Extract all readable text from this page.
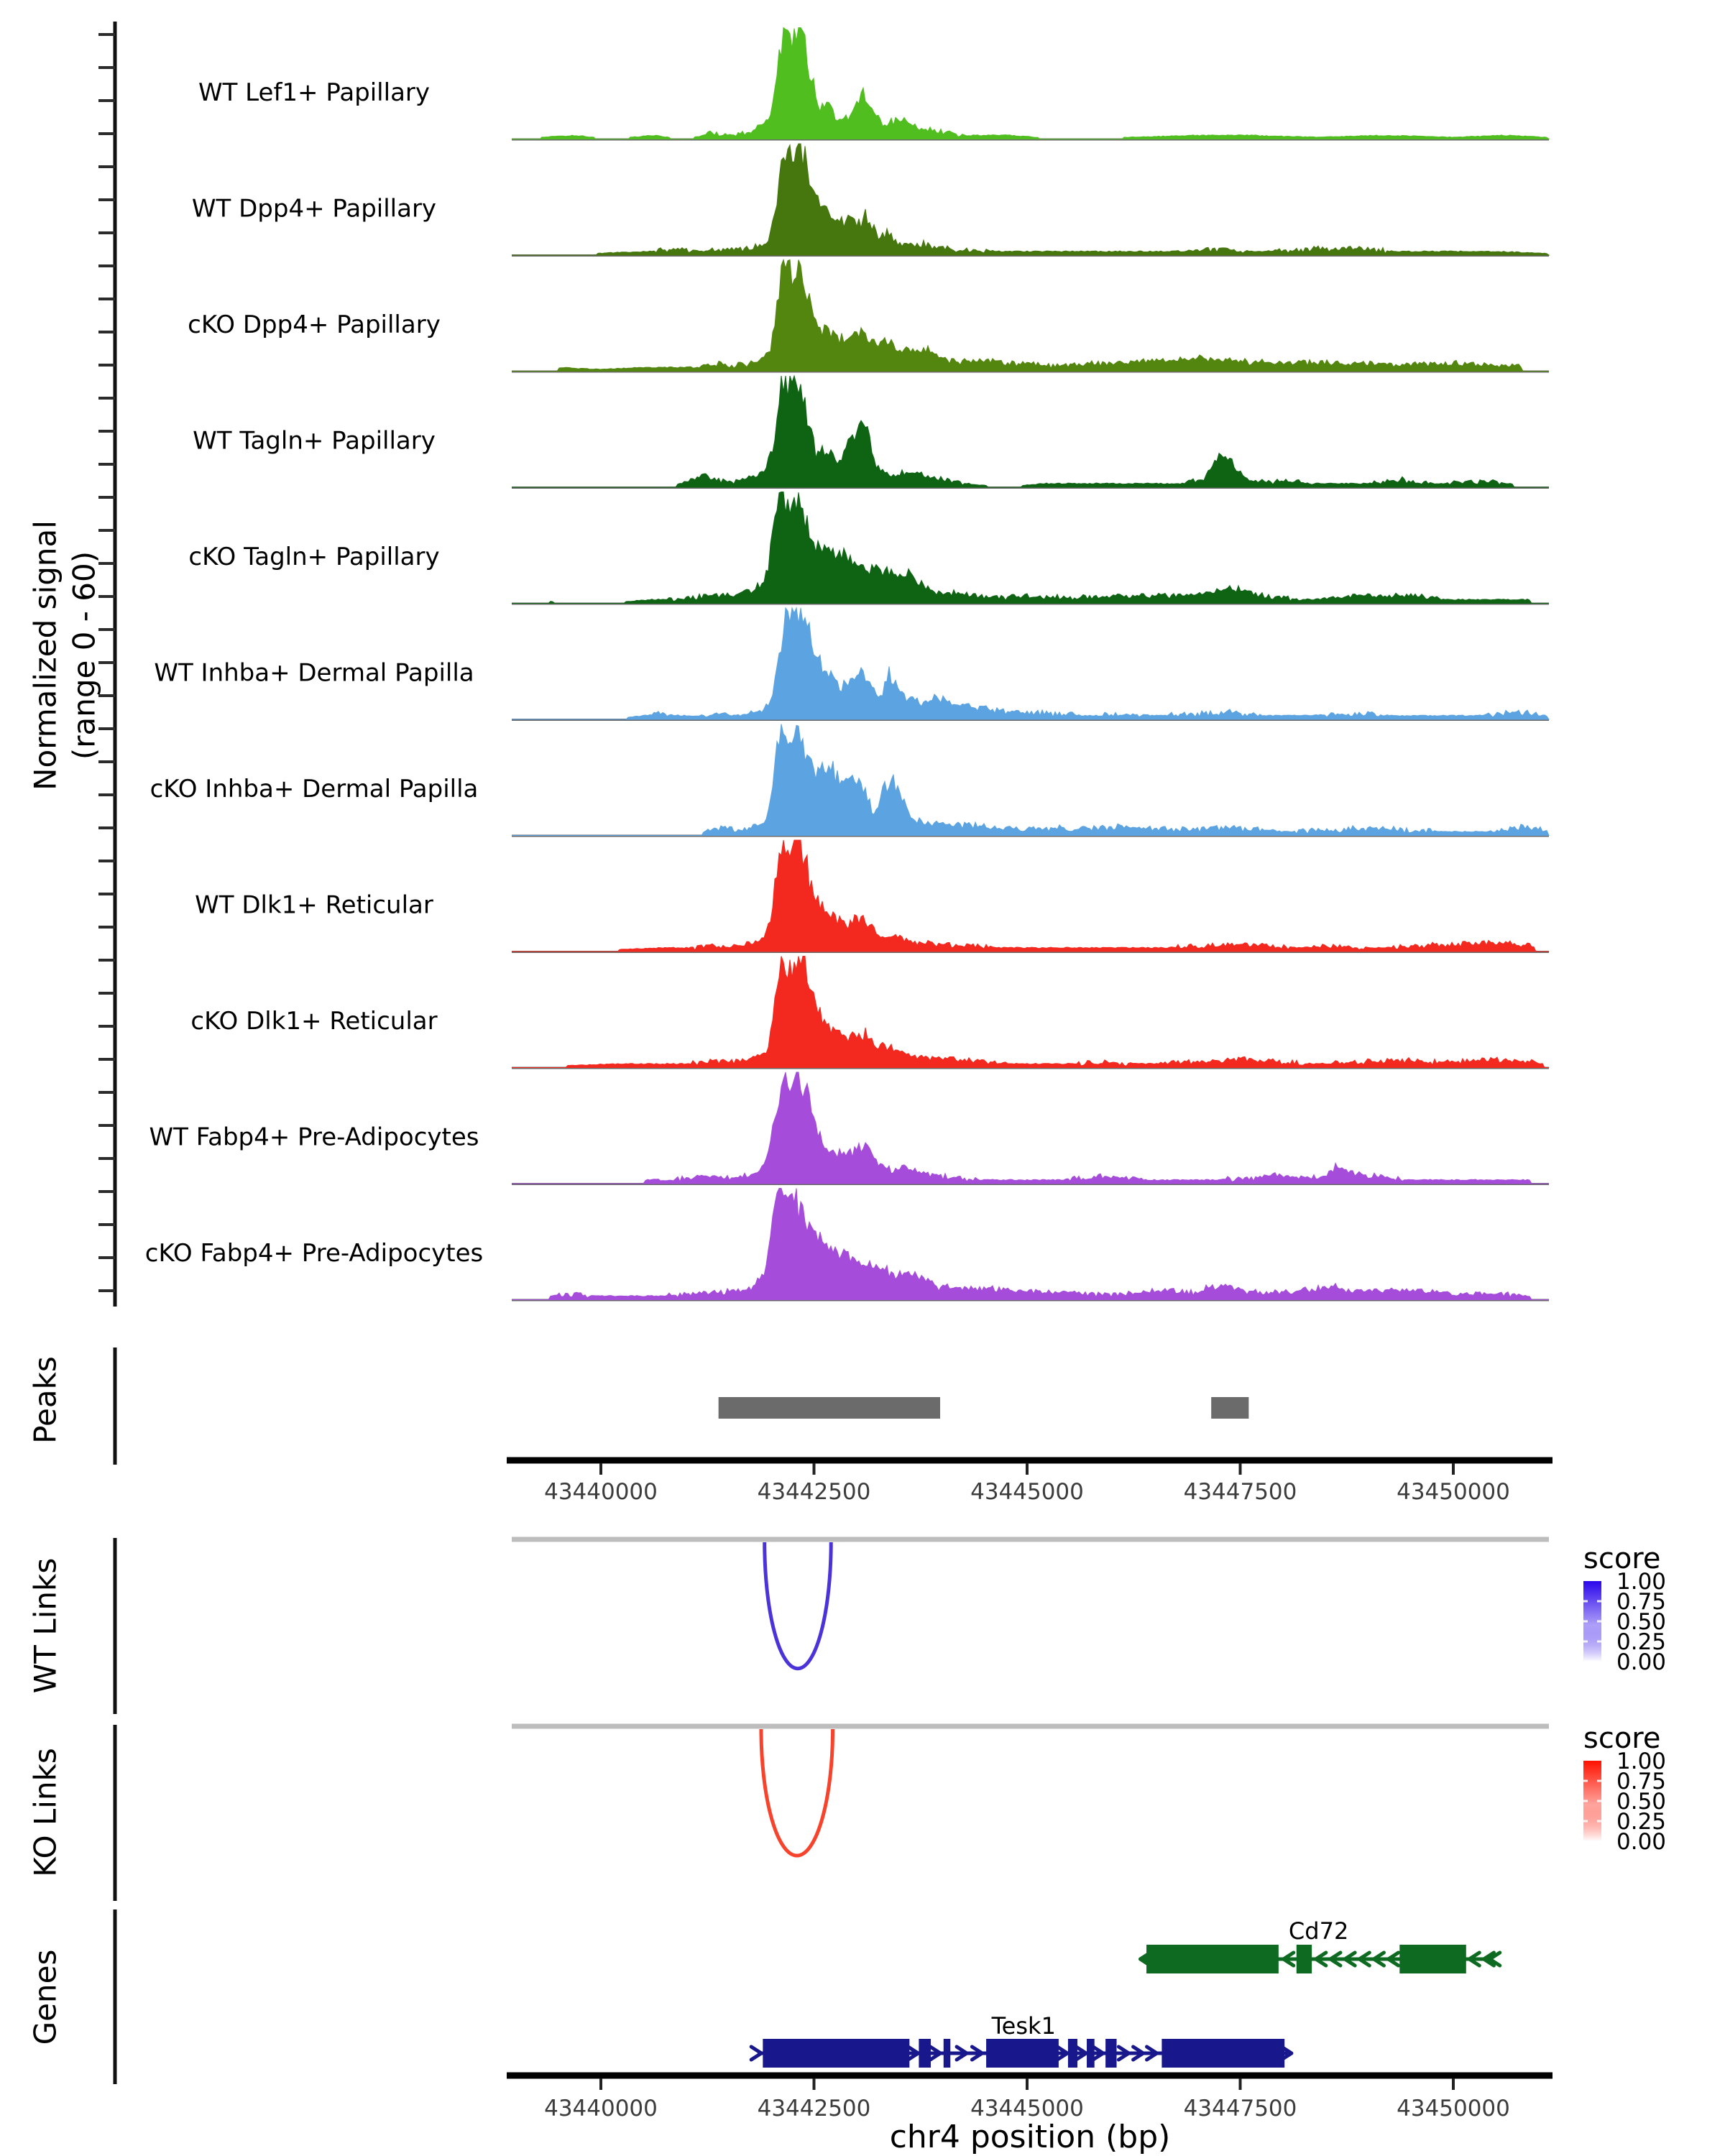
Normalized signal (range 0 - 60)
Peaks
WT Links
KO Links
Genes
WT Lef1+ Papillary
WT Dpp4+ Papillary
cKO Dpp4+ Papillary
WT Tagln+ Papillary
cKO Tagln+ Papillary
WT Inhba+ Dermal Papilla
cKO Inhba+ Dermal Papilla
WT Dlk1+ Reticular
cKO Dlk1+ Reticular
WT Fabp4+ Pre-Adipocytes
cKO Fabp4+ Pre-Adipocytes
43440000	43442500	43445000	43447500	43450000
score
1.00
0.75
0.50
0.25
0.00
score
1.00
0.75
0.50
0.25
0.00
Cd72
Tesk1
43440000	43442500	43445000	43447500	43450000
chr4 position (bp)
